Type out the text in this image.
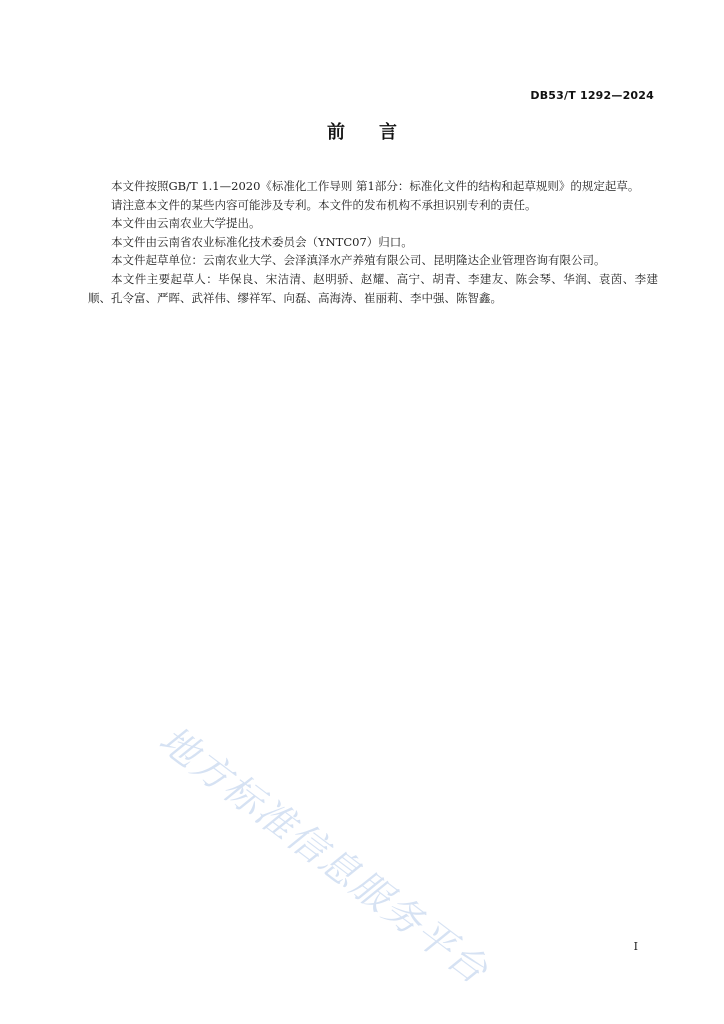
DB53/T 1292—2024
前 言

本文件按照GB/T 1.1—2020《标准化工作导则 第1部分：标准化文件的结构和起草规则》的规定起草。

请注意本文件的某些内容可能涉及专利。本文件的发布机构不承担识别专利的责任。

本文件由云南农业大学提出。

本文件由云南省农业标准化技术委员会（YNTC07）归口。

本文件起草单位：云南农业大学、会泽滇泽水产养殖有限公司、昆明隆达企业管理咨询有限公司。

本文件主要起草人：毕保良、宋洁清、赵明骄、赵耀、高宁、胡青、李建友、陈会琴、华润、袁茵、李建顺、孔令富、严晖、武祥伟、缪祥军、向磊、高海涛、崔丽莉、李中强、陈智鑫。

地方标准信息服务平台	I
